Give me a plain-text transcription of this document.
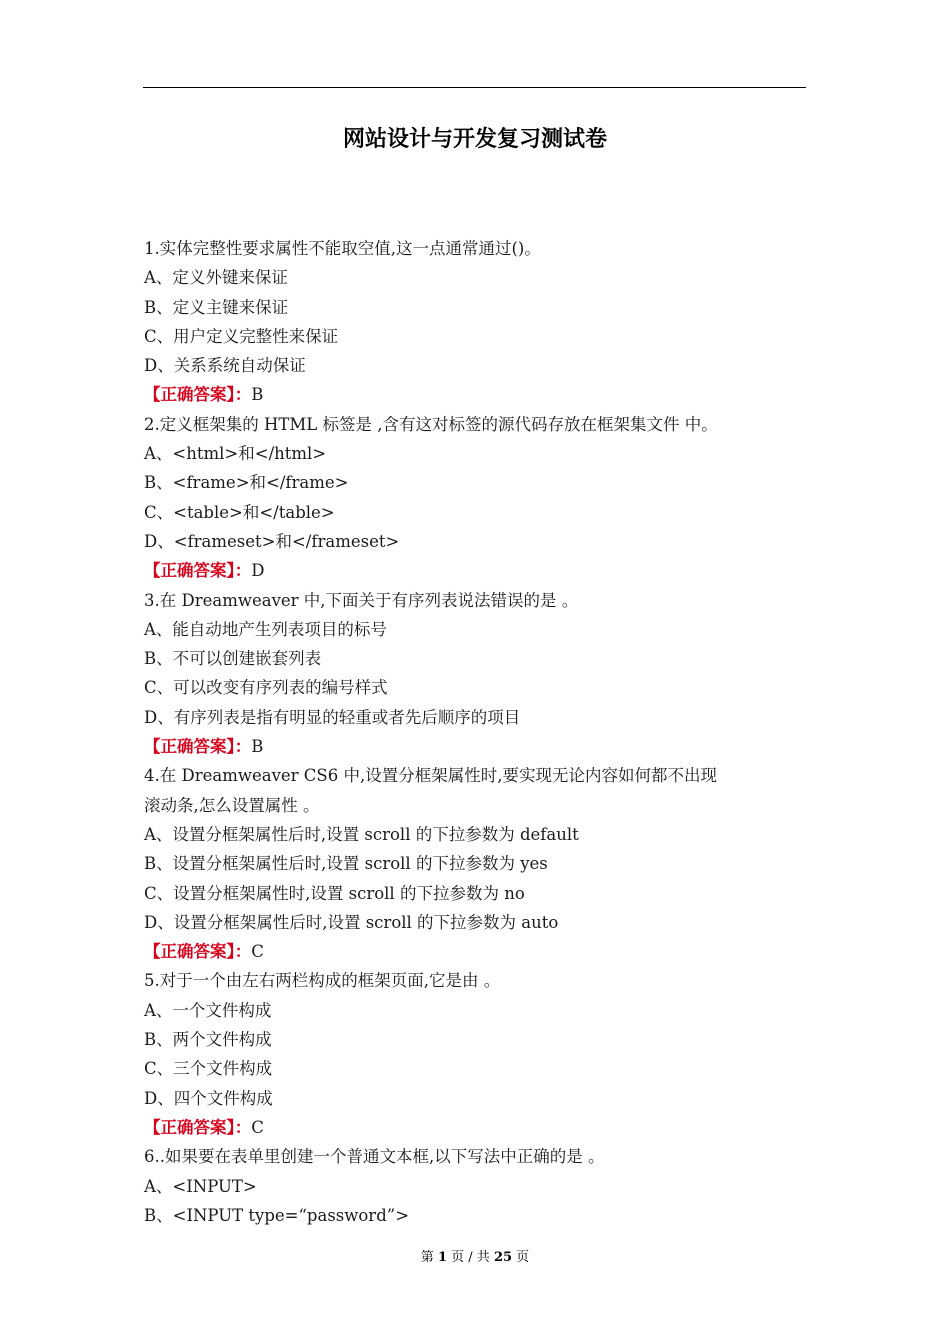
网站设计与开发复习测试卷
1.实体完整性要求属性不能取空值,这一点通常通过()。
A、定义外键来保证
B、定义主键来保证
C、用户定义完整性来保证
D、关系系统自动保证
【正确答案】：B
2.定义框架集的 HTML 标签是 ,含有这对标签的源代码存放在框架集文件 中。
A、<html>和</html>
B、<frame>和</frame>
C、<table>和</table>
D、<frameset>和</frameset>
【正确答案】：D
3.在 Dreamweaver 中,下面关于有序列表说法错误的是 。
A、能自动地产生列表项目的标号
B、不可以创建嵌套列表
C、可以改变有序列表的编号样式
D、有序列表是指有明显的轻重或者先后顺序的项目
【正确答案】：B
4.在 Dreamweaver CS6 中,设置分框架属性时,要实现无论内容如何都不出现
滚动条,怎么设置属性 。
A、设置分框架属性后时,设置 scroll 的下拉参数为 default
B、设置分框架属性后时,设置 scroll 的下拉参数为 yes
C、设置分框架属性时,设置 scroll 的下拉参数为 no
D、设置分框架属性后时,设置 scroll 的下拉参数为 auto
【正确答案】：C
5.对于一个由左右两栏构成的框架页面,它是由 。
A、一个文件构成
B、两个文件构成
C、三个文件构成
D、四个文件构成
【正确答案】：C
6..如果要在表单里创建一个普通文本框,以下写法中正确的是 。
A、<INPUT>
B、<INPUT type=“password”>
第 1 页 / 共 25 页
